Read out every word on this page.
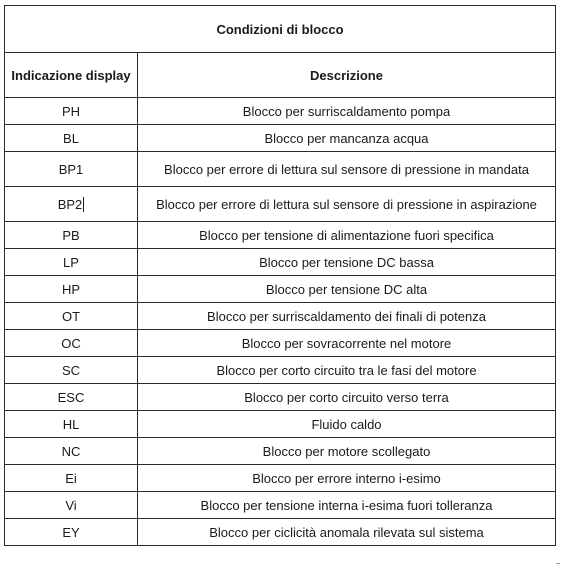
Condizioni di blocco	
Indicazione display	Descrizione
PH	Blocco per surriscaldamento pompa
BL	Blocco per mancanza acqua
BP1	Blocco per errore di lettura sul sensore di pressione in mandata
BP2	Blocco per errore di lettura sul sensore di pressione in aspirazione
PB	Blocco per tensione di alimentazione fuori specifica
LP	Blocco per tensione DC bassa
HP	Blocco per tensione DC alta
OT	Blocco per surriscaldamento dei finali di potenza
OC	Blocco per sovracorrente nel motore
SC	Blocco per corto circuito tra le fasi del motore
ESC	Blocco per corto circuito verso terra
HL	Fluido caldo
NC	Blocco per motore scollegato
Ei	Blocco per errore interno i-esimo
Vi	Blocco per tensione interna i-esima fuori tolleranza
EY	Blocco per ciclicità anomala rilevata sul sistema
